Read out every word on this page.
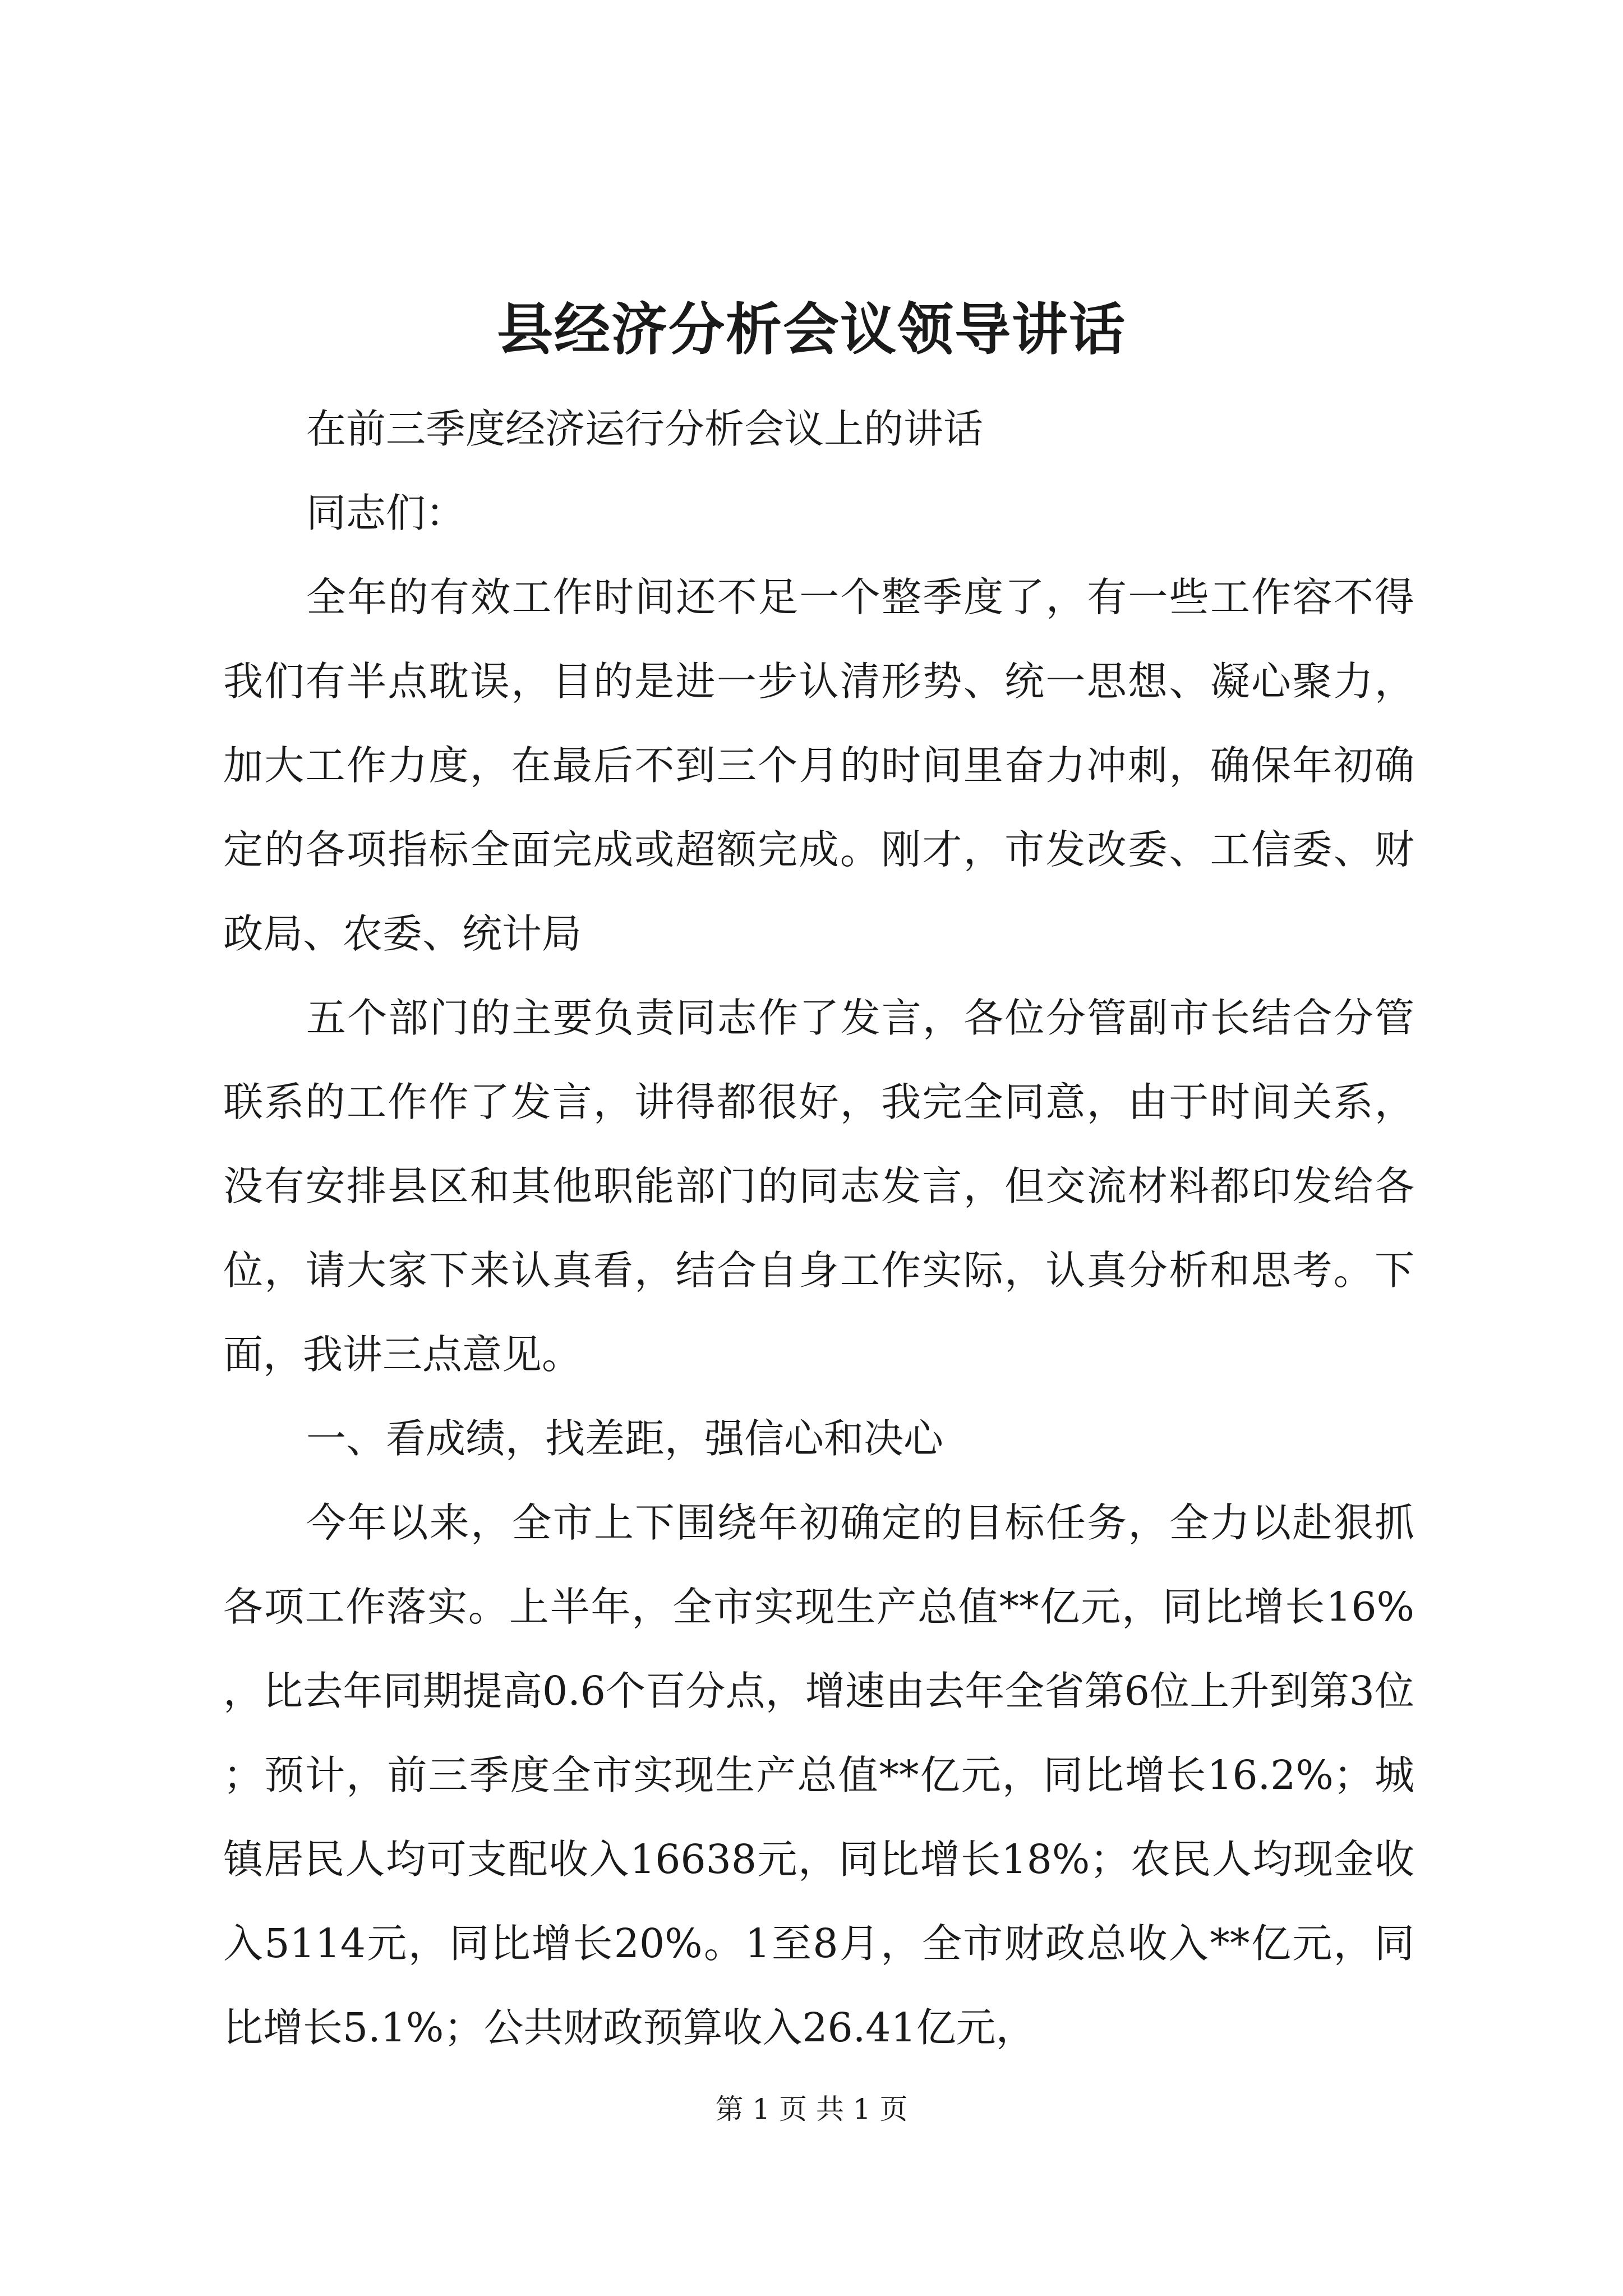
县经济分析会议领导讲话

在前三季度经济运行分析会议上的讲话

同志们：

全年的有效工作时间还不足一个整季度了，有一些工作容不得我们有半点耽误，目的是进一步认清形势、统一思想、凝心聚力，加大工作力度，在最后不到三个月的时间里奋力冲刺，确保年初确定的各项指标全面完成或超额完成。刚才，市发改委、工信委、财政局、农委、统计局

五个部门的主要负责同志作了发言，各位分管副市长结合分管联系的工作作了发言，讲得都很好，我完全同意，由于时间关系，没有安排县区和其他职能部门的同志发言，但交流材料都印发给各位，请大家下来认真看，结合自身工作实际，认真分析和思考。下面，我讲三点意见。

一、看成绩，找差距，强信心和决心

今年以来，全市上下围绕年初确定的目标任务，全力以赴狠抓各项工作落实。上半年，全市实现生产总值**亿元，同比增长16%，比去年同期提高0.6个百分点，增速由去年全省第6位上升到第3位；预计，前三季度全市实现生产总值**亿元，同比增长16.2%；城镇居民人均可支配收入16638元，同比增长18%；农民人均现金收入5114元，同比增长20%。1至8月，全市财政总收入**亿元，同比增长5.1%；公共财政预算收入26.41亿元，

第 1 页 共 1 页
